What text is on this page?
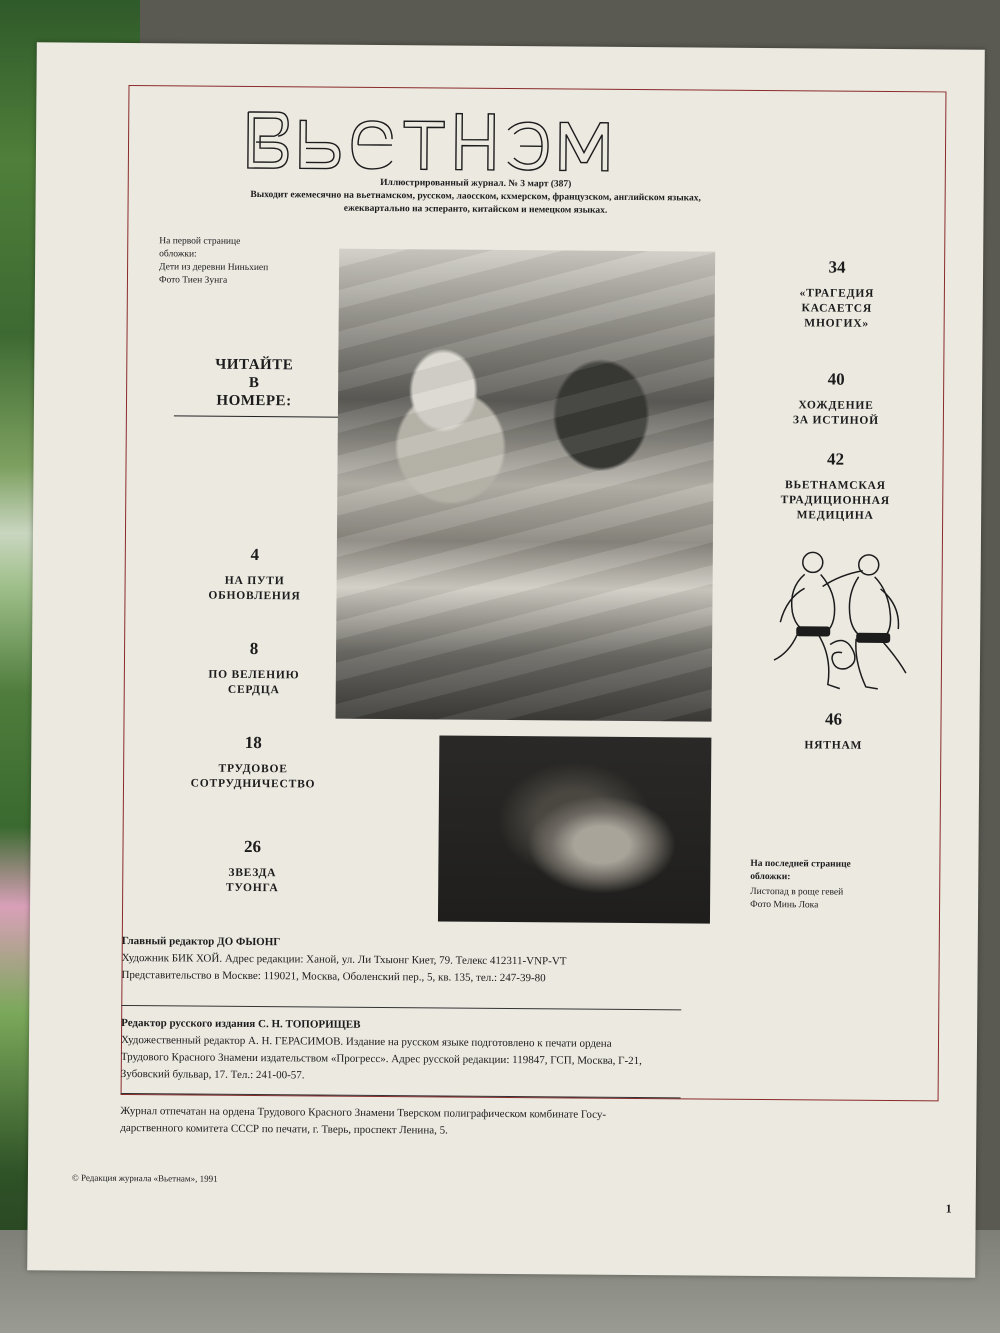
Иллюстрированный журнал. № 3 март (387)
Выходит ежемесячно на вьетнамском, русском, лаосском, кхмерском, французском, английском языках,
ежеквартально на эсперанто, китайском и немецком языках.
На первой странице
обложки:
Дети из деревни Ниньхиеп
Фото Тиен Зунга
ЧИТАЙТЕ
В
НОМЕРЕ:
4
НА ПУТИ
ОБНОВЛЕНИЯ
8
ПО ВЕЛЕНИЮ
СЕРДЦА
18
ТРУДОВОЕ
СОТРУДНИЧЕСТВО
26
ЗВЕЗДА
ТУОНГА
34
«ТРАГЕДИЯ
КАСАЕТСЯ
МНОГИХ»
40
ХОЖДЕНИЕ
ЗА ИСТИНОЙ
42
ВЬЕТНАМСКАЯ
ТРАДИЦИОННАЯ
МЕДИЦИНА
46
НЯТНАМ
На последней странице
обложки:
Листопад в роще гевей
Фото Минь Лока
Главный редактор ДО ФЫОНГ
Художник БИК ХОЙ. Адрес редакции: Ханой, ул. Ли Тхыонг Киет, 79. Телекс 412311-VNP-VT
Представительство в Москве: 119021, Москва, Оболенский пер., 5, кв. 135, тел.: 247-39-80
Редактор русского издания С. Н. ТОПОРИЩЕВ
Художественный редактор А. Н. ГЕРАСИМОВ. Издание на русском языке подготовлено к печати ордена
Трудового Красного Знамени издательством «Прогресс». Адрес русской редакции: 119847, ГСП, Москва, Г-21,
Зубовский бульвар, 17. Тел.: 241-00-57.
Журнал отпечатан на ордена Трудового Красного Знамени Тверском полиграфическом комбинате Госу-
дарственного комитета СССР по печати, г. Тверь, проспект Ленина, 5.
© Редакция журнала «Вьетнам», 1991
1
